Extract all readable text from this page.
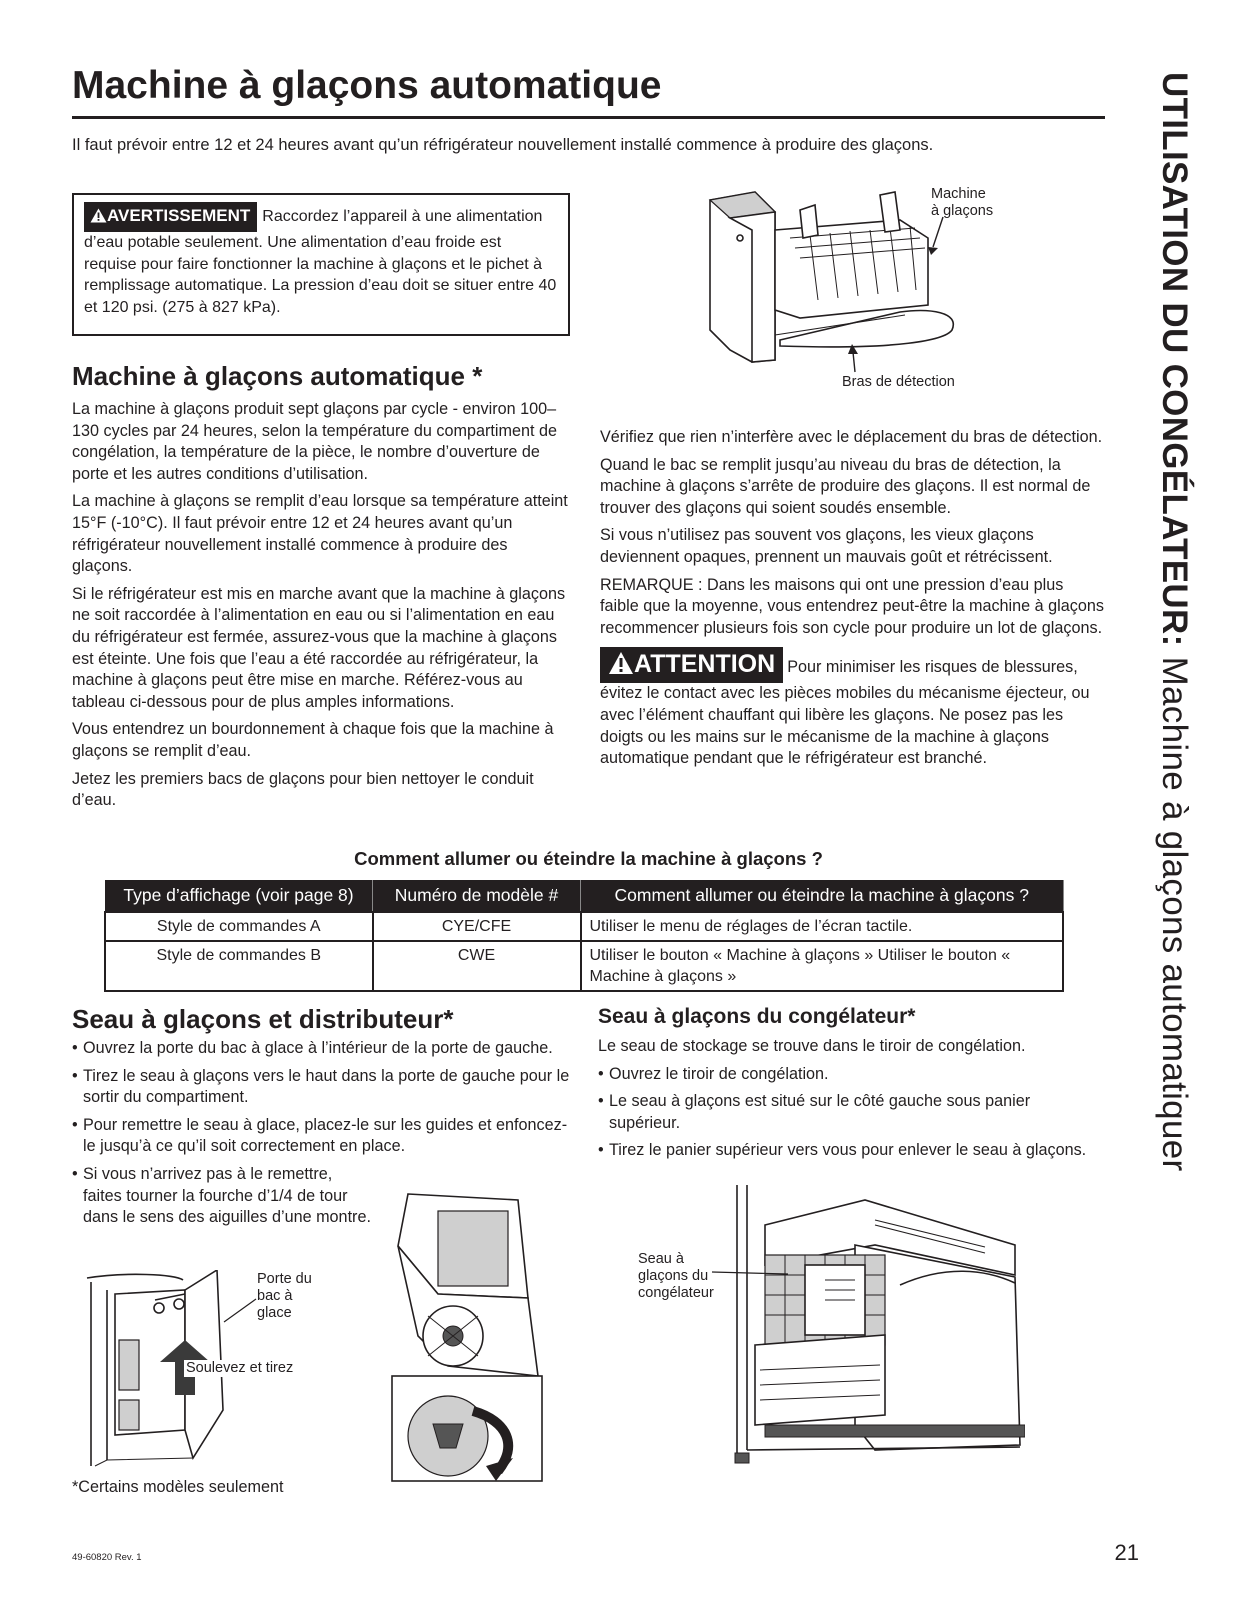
Machine à glaçons automatique

Il faut prévoir entre 12 et 24 heures avant qu’un réfrigérateur nouvellement installé commence à produire des glaçons.

AVERTISSEMENT Raccordez l’appareil à une alimentation d’eau potable seulement. Une alimentation d’eau froide est requise pour faire fonctionner la machine à glaçons et le pichet à remplissage automatique. La pression d’eau doit se situer entre 40 et 120 psi. (275 à 827 kPa).
Machine à glaçons automatique *

La machine à glaçons produit sept glaçons par cycle - environ 100–130 cycles par 24 heures, selon la température du compartiment de congélation, la température de la pièce, le nombre d’ouverture de porte et les autres conditions d’utilisation.

La machine à glaçons se remplit d’eau lorsque sa température atteint 15°F (-10°C). Il faut prévoir entre 12 et 24 heures avant qu’un réfrigérateur nouvellement installé commence à produire des glaçons.

Si le réfrigérateur est mis en marche avant que la machine à glaçons ne soit raccordée à l’alimentation en eau ou si l’alimentation en eau du réfrigérateur est fermée, assurez-vous que la machine à glaçons est éteinte. Une fois que l’eau a été raccordée au réfrigérateur, la machine à glaçons peut être mise en marche. Référez-vous au tableau ci-dessous pour de plus amples informations.

Vous entendrez un bourdonnement à chaque fois que la machine à glaçons se remplit d’eau.

Jetez les premiers bacs de glaçons pour bien nettoyer le conduit d’eau.

Machine
à glaçons
Bras de détection

Vérifiez que rien n’interfère avec le déplacement du bras de détection.

Quand le bac se remplit jusqu’au niveau du bras de détection, la machine à glaçons s’arrête de produire des glaçons. Il est normal de trouver des glaçons qui soient soudés ensemble.

Si vous n’utilisez pas souvent vos glaçons, les vieux glaçons deviennent opaques, prennent un mauvais goût et rétrécissent.

REMARQUE : Dans les maisons qui ont une pression d’eau plus faible que la moyenne, vous entendrez peut-être la machine à glaçons recommencer plusieurs fois son cycle pour produire un lot de glaçons.

ATTENTION Pour minimiser les risques de blessures, évitez le contact avec les pièces mobiles du mécanisme éjecteur, ou avec l’élément chauffant qui libère les glaçons. Ne posez pas les doigts ou les mains sur le mécanisme de la machine à glaçons automatique pendant que le réfrigérateur est branché.
Comment allumer ou éteindre la machine à glaçons ?
Type d’affichage (voir page 8)	Numéro de modèle #	Comment allumer ou éteindre la machine à glaçons ?
Style de commandes A	CYE/CFE	Utiliser le menu de réglages de l’écran tactile.
Style de commandes B	CWE	Utiliser le bouton « Machine à glaçons » Utiliser le bouton « Machine à glaçons »
Seau à glaçons et distributeur*
• Ouvrez la porte du bac à glace à l’intérieur de la porte de gauche.
• Tirez le seau à glaçons vers le haut dans la porte de gauche pour le sortir du compartiment.
• Pour remettre le seau à glace, placez-le sur les guides et enfoncez-le jusqu’à ce qu’il soit correctement en place.
• Si vous n’arrivez pas à le remettre, faites tourner la fourche d’1/4 de tour dans le sens des aiguilles d’une montre.
Porte du
bac à
glace
Soulevez et tirez
Seau à glaçons du congélateur*

Le seau de stockage se trouve dans le tiroir de congélation.

• Ouvrez le tiroir de congélation.
• Le seau à glaçons est situé sur le côté gauche sous panier supérieur.
• Tirez le panier supérieur vers vous pour enlever le seau à glaçons.
Seau à
glaçons du
congélateur
*Certains modèles seulement
49-60820 Rev. 1	21
UTILISATION DU CONGÉLATEUR: Machine à glaçons automatiquer
